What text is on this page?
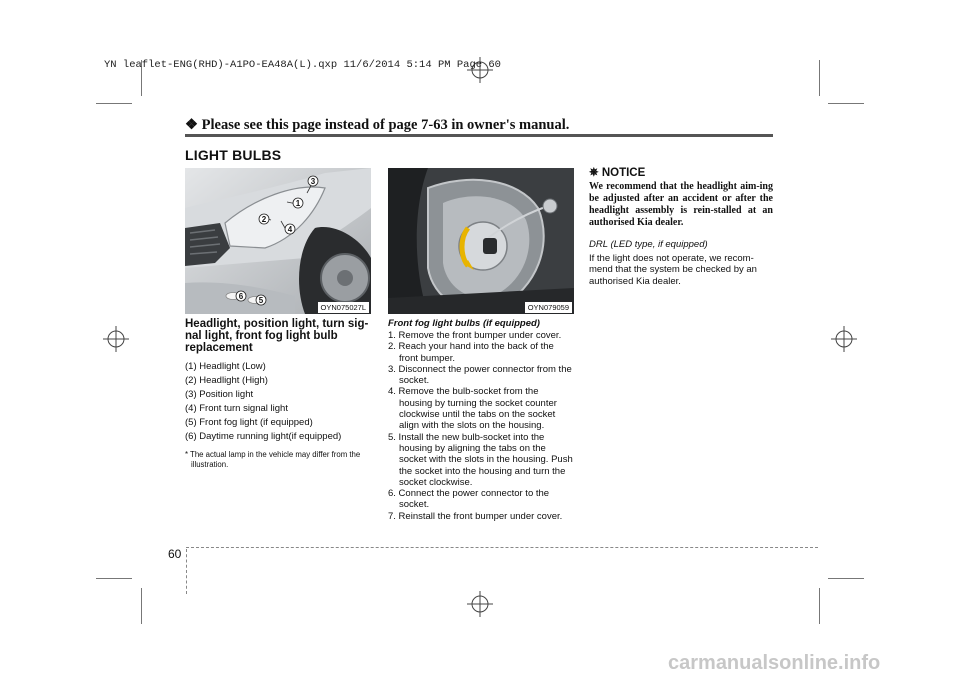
YN leaflet-ENG(RHD)-A1PO-EA48A(L).qxp 11/6/2014 5:14 PM Page 60
❖ Please see this page instead of page 7-63 in owner's manual.
LIGHT BULBS
1
2
3
4
5
6
OYN075027L	OYN079059
Headlight, position light, turn sig-nal light, front fog light bulb replacement
(1) Headlight (Low)
(2) Headlight (High)
(3) Position light
(4) Front turn signal light
(5) Front fog light (if equipped)
(6) Daytime running light(if equipped)
* The actual lamp in the vehicle may differ from the illustration.
Front fog light bulbs (if equipped)
1. Remove the front bumper under cover.
2. Reach your hand into the back of the front bumper.
3. Disconnect the power connector from the socket.
4. Remove the bulb-socket from the housing by turning the socket counter clockwise until the tabs on the socket align with the slots on the housing.
5. Install the new bulb-socket into the housing by aligning the tabs on the socket with the slots in the housing. Push the socket into the housing and turn the socket clockwise.
6. Connect the power connector to the socket.
7. Reinstall the front bumper under cover.
✵ NOTICE
We recommend that the headlight aim-ing be adjusted after an accident or after the headlight assembly is rein-stalled at an authorised Kia dealer.
DRL (LED type, if equipped)
If the light does not operate, we recom-mend that the system be checked by an authorised Kia dealer.
60
carmanualsonline.info
